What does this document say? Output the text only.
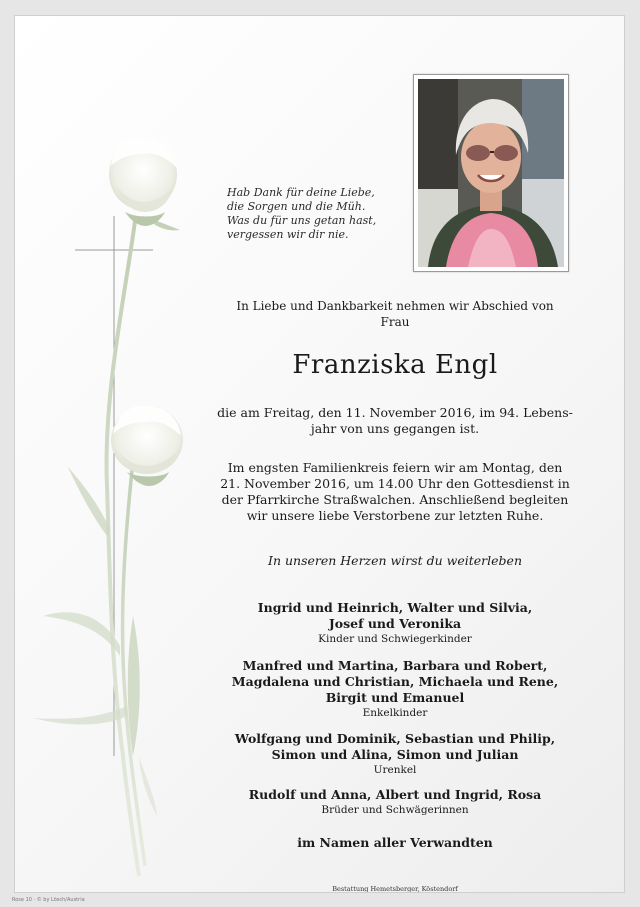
Hab Dank für deine Liebe,
die Sorgen und die Müh.
Was du für uns getan hast,
vergessen wir dir nie.
In Liebe und Dankbarkeit nehmen wir Abschied von
Frau
Franziska Engl
die am Freitag, den 11. November 2016, im 94. Lebens-
jahr von uns gegangen ist.
Im engsten Familienkreis feiern wir am Montag, den
21. November 2016, um 14.00 Uhr den Gottesdienst in
der Pfarrkirche Straßwalchen. Anschließend begleiten
wir unsere liebe Verstorbene zur letzten Ruhe.
In unseren Herzen wirst du weiterleben
Ingrid und Heinrich, Walter und Silvia,
Josef und Veronika
Kinder und Schwiegerkinder
Manfred und Martina, Barbara und Robert,
Magdalena und Christian, Michaela und Rene,
Birgit und Emanuel
Enkelkinder
Wolfgang und Dominik, Sebastian und Philip,
Simon und Alina, Simon und Julian
Urenkel
Rudolf und Anna, Albert und Ingrid, Rosa
Brüder und Schwägerinnen
im Namen aller Verwandten
Bestattung Hemetsberger, Köstendorf
Rose 10 · © by Lösch/Austria
